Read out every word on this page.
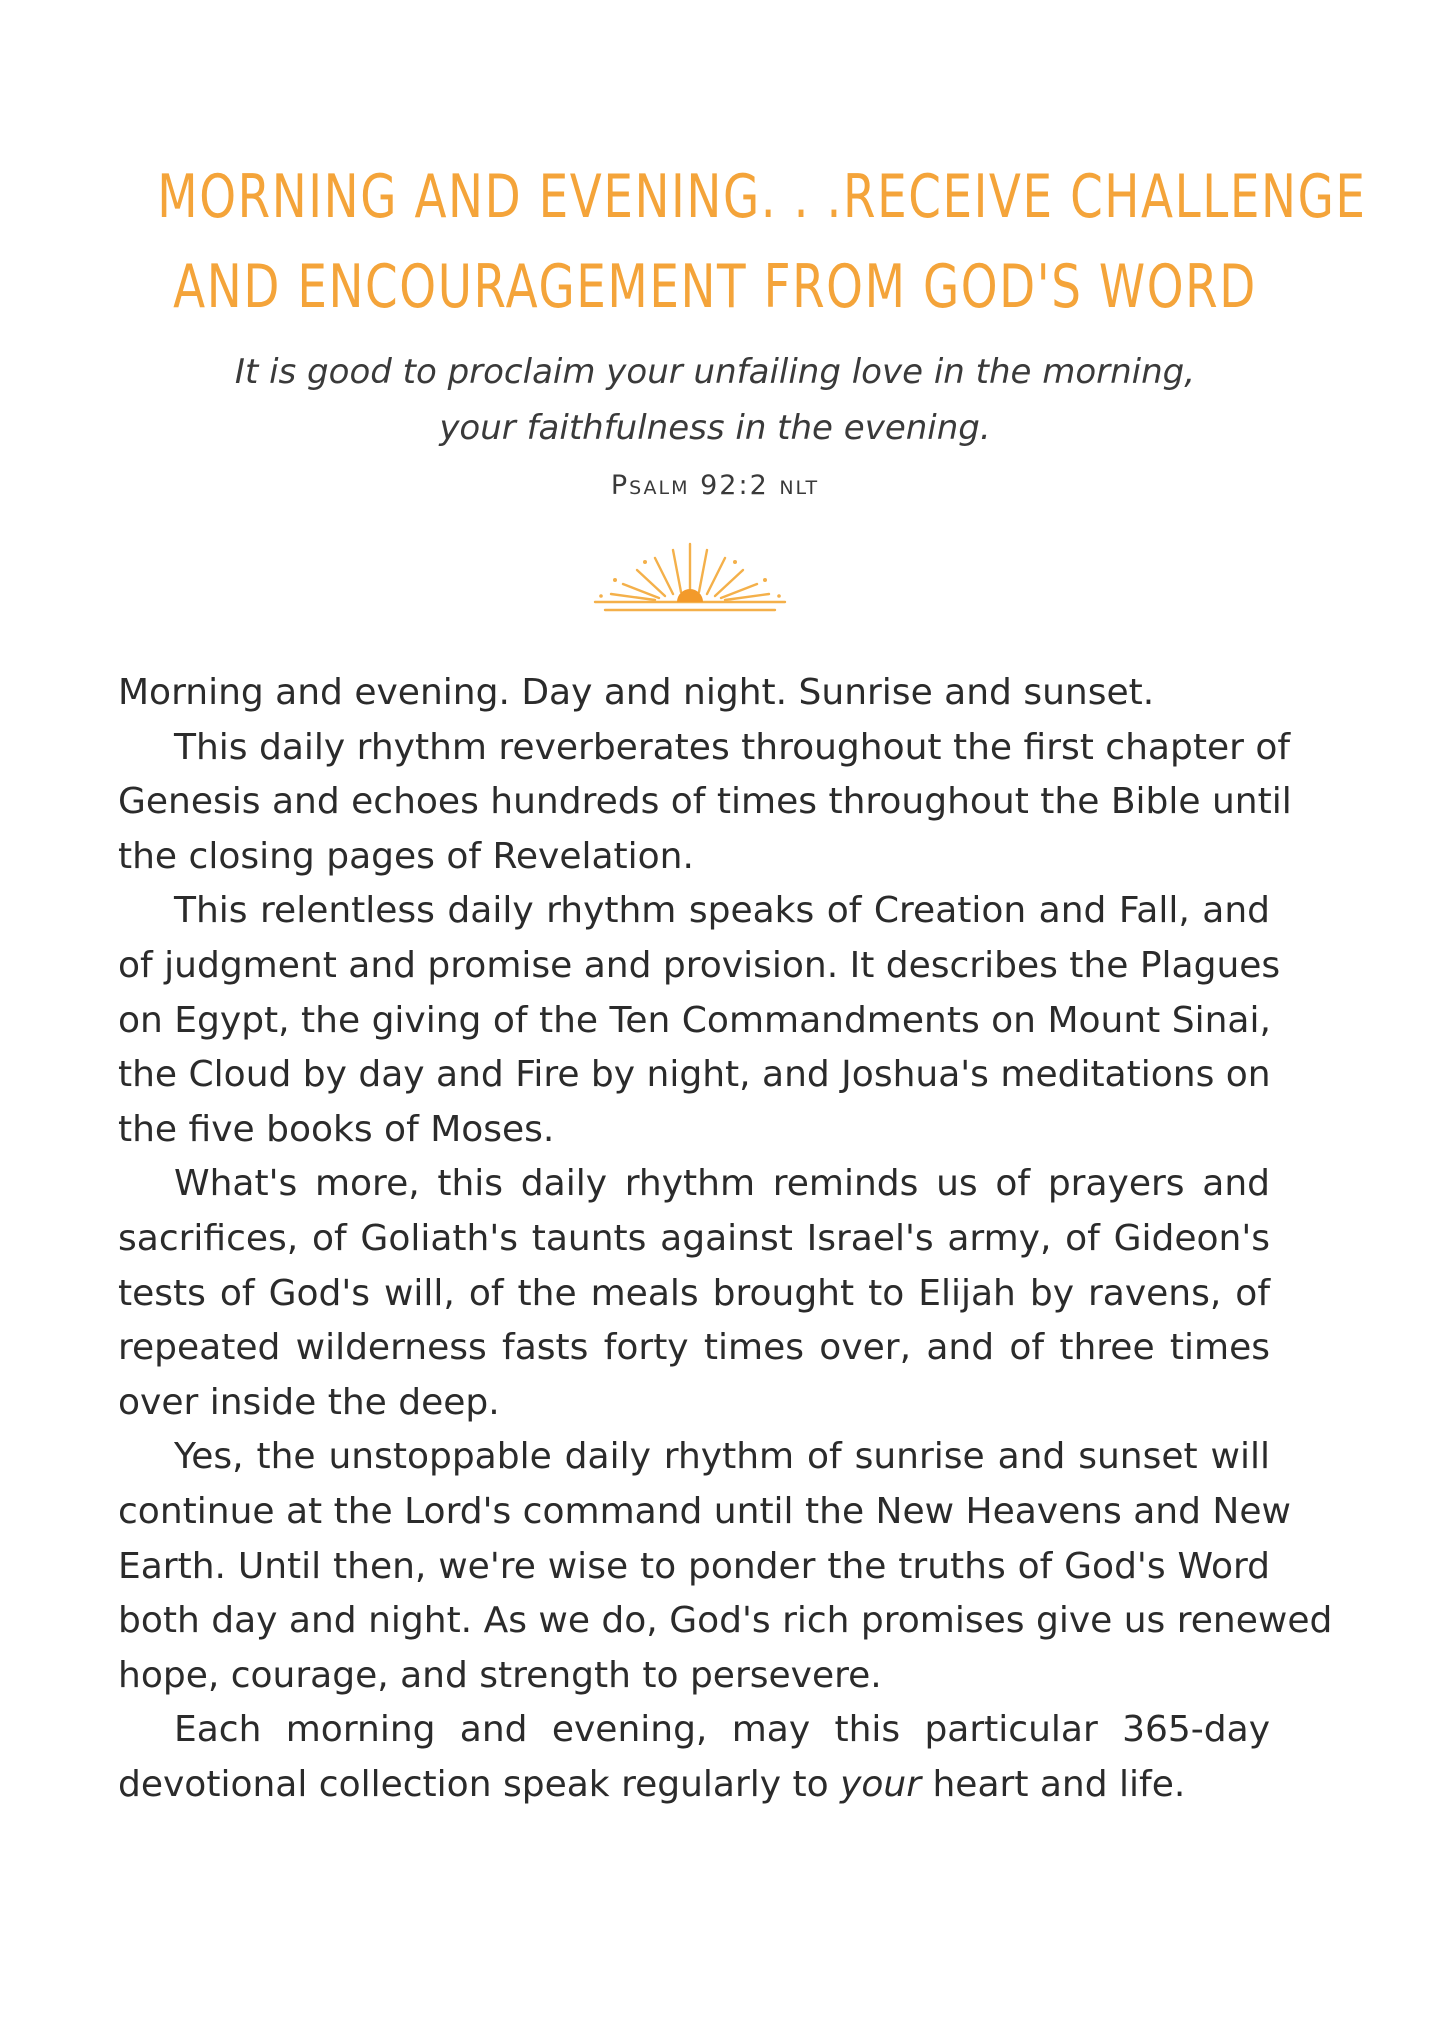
MORNING AND EVENING. . .RECEIVE CHALLENGE
AND ENCOURAGEMENT FROM GOD'S WORD
It is good to proclaim your unfailing love in the morning,
your faithfulness in the evening.
Psalm 92:2 nlt

Morning and evening. Day and night. Sunrise and sunset.

This daily rhythm reverberates throughout the first chapter of
Genesis and echoes hundreds of times throughout the Bible until
the closing pages of Revelation.

This relentless daily rhythm speaks of Creation and Fall, and
of judgment and promise and provision. It describes the Plagues
on Egypt, the giving of the Ten Commandments on Mount Sinai,
the Cloud by day and Fire by night, and Joshua's meditations on
the five books of Moses.

What's more, this daily rhythm reminds us of prayers and
sacrifices, of Goliath's taunts against Israel's army, of Gideon's
tests of God's will, of the meals brought to Elijah by ravens, of
repeated wilderness fasts forty times over, and of three times
over inside the deep.

Yes, the unstoppable daily rhythm of sunrise and sunset will
continue at the Lord's command until the New Heavens and New
Earth. Until then, we're wise to ponder the truths of God's Word
both day and night. As we do, God's rich promises give us renewed
hope, courage, and strength to persevere.

Each morning and evening, may this particular 365-day
devotional collection speak regularly to your heart and life.
